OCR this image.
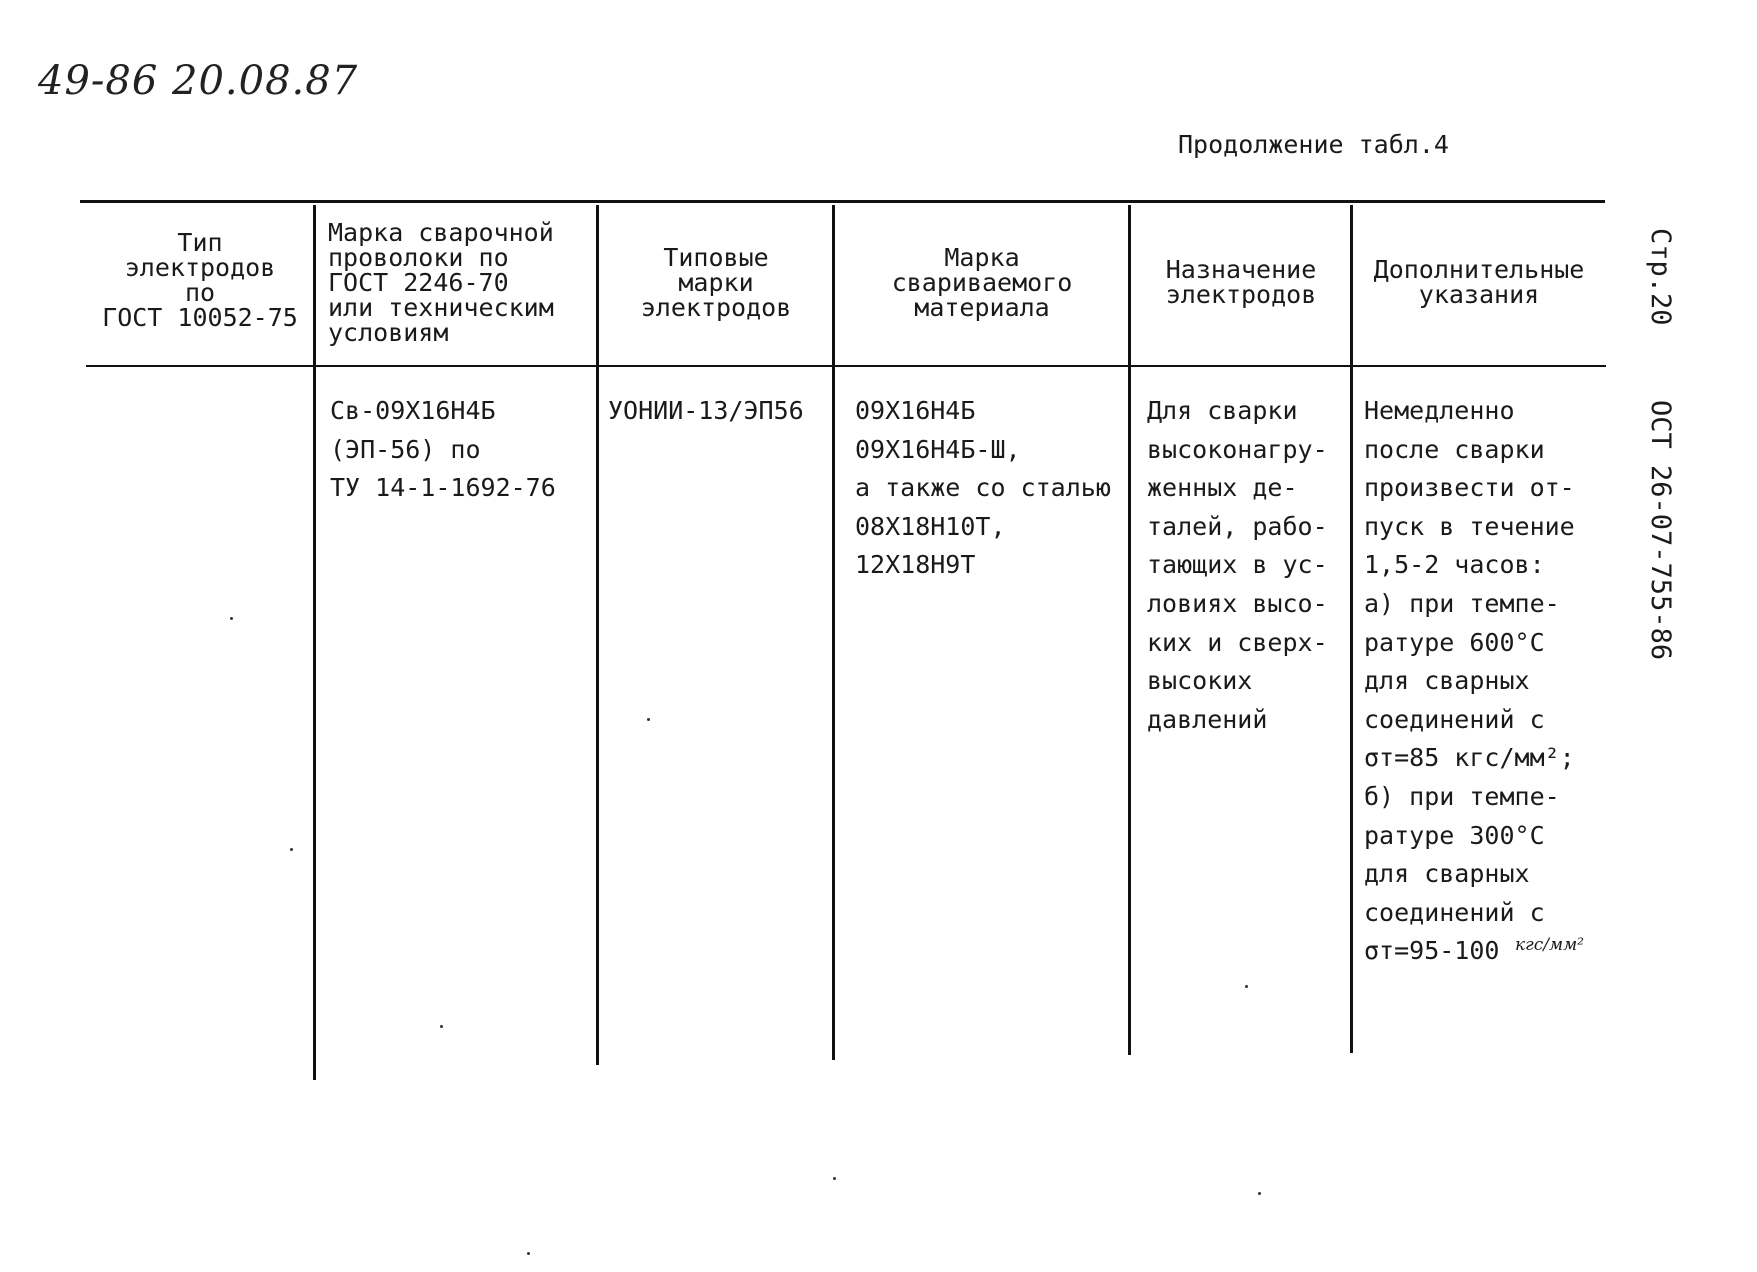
49-86 20.08.87
Продолжение табл.4
Стр.20
ОСТ 26-07-755-86
Тип
электродов
по
ГОСТ 10052-75
Марка сварочной
проволоки по
ГОСТ 2246-70
или техническим
условиям
Типовые
марки
электродов
Марка
свариваемого
материала
Назначение
электродов
Дополнительные
указания
Св-09Х16Н4Б
(ЭП-56) по
ТУ 14-1-1692-76
УОНИИ-13/ЭП56	09Х16Н4Б
09Х16Н4Б-Ш,
а также со сталью
08Х18Н10Т,
12Х18Н9Т
Для сварки
высоконагру-
женных де-
талей, рабо-
тающих в ус-
ловиях высо-
ких и сверх-
высоких
давлений
Немедленно
после сварки
произвести от-
пуск в течение
1,5-2 часов:
а) при темпе-
ратуре 600°С
для сварных
соединений с
σт=85 кгс/мм²;
б) при темпе-
ратуре 300°С
для сварных
соединений с
σт=95-100 кгс/мм²
